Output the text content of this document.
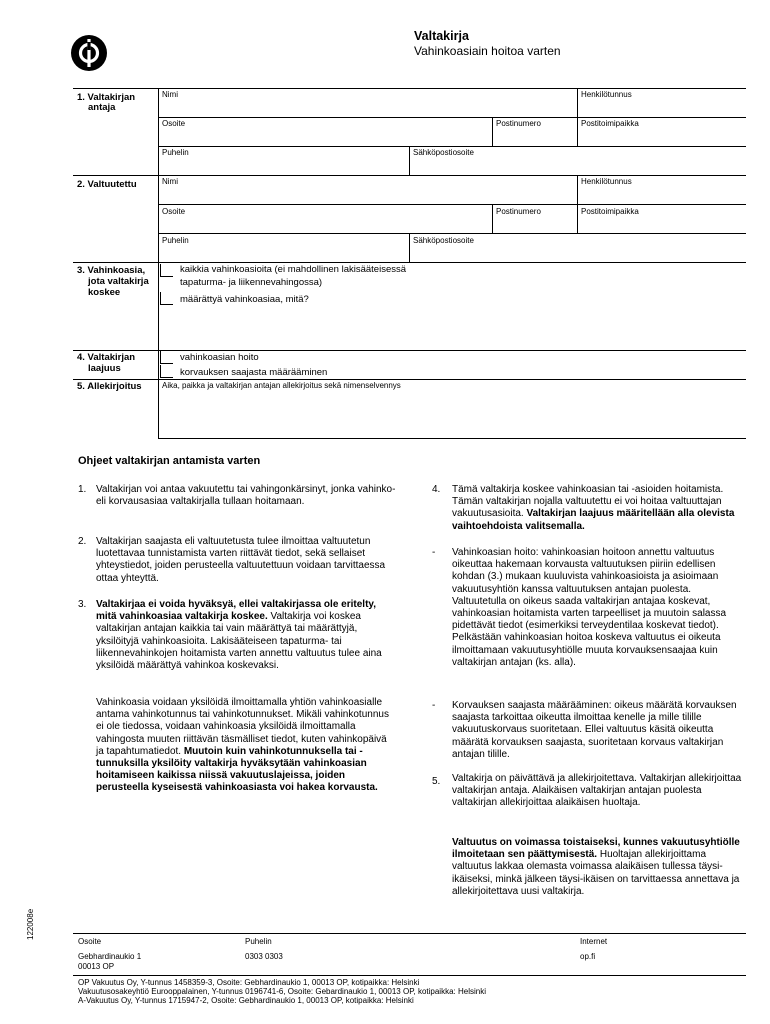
Valtakirja
Vahinkoasiain hoitoa varten
1. Valtakirjan
antaja
Nimi	Henkilötunnus
Osoite	Postinumero	Postitoimipaikka
Puhelin	Sähköpostiosoite
2. Valtuutettu	Nimi	Henkilötunnus
Osoite	Postinumero	Postitoimipaikka
Puhelin	Sähköpostiosoite
3. Vahinkoasia,
jota valtakirja
koskee
kaikkia vahinkoasioita (ei mahdollinen lakisääteisessä
tapaturma- ja liikennevahingossa)
määrättyä vahinkoasiaa, mitä?
4. Valtakirjan
laajuus
vahinkoasian hoito
korvauksen saajasta määrääminen
5. Allekirjoitus	Aika, paikka ja valtakirjan antajan allekirjoitus sekä nimenselvennys
Ohjeet valtakirjan antamista varten
1. Valtakirjan voi antaa vakuutettu tai vahingonkärsinyt, jonka vahinko- eli korvausasiaa valtakirjalla tullaan hoitamaan.
2. Valtakirjan saajasta eli valtuutetusta tulee ilmoittaa valtuutetun luotettavaa tunnistamista varten riittävät tiedot, sekä sellaiset yhteystiedot, joiden perusteella valtuutettuun voidaan tarvittaessa ottaa yhteyttä.
3. Valtakirjaa ei voida hyväksyä, ellei valtakirjassa ole eritelty, mitä vahinkoasiaa valtakirja koskee. Valtakirja voi koskea valtakirjan antajan kaikkia tai vain määrättyä tai määrättyjä, yksilöityjä vahinkoasioita. Lakisääteiseen tapaturma- tai liikennevahinkojen hoitamista varten annettu valtuutus tulee aina yksilöidä määrättyä vahinkoa koskevaksi.
Vahinkoasia voidaan yksilöidä ilmoittamalla yhtiön vahinkoasialle antama vahinkotunnus tai vahinkotunnukset. Mikäli vahinkotunnus ei ole tiedossa, voidaan vahinkoasia yksilöidä ilmoittamalla vahingosta muuten riittävän täsmälliset tiedot, kuten vahinkopäivä ja tapahtumatiedot. Muutoin kuin vahinkotunnuksella tai -tunnuksilla yksilöity valtakirja hyväksytään vahinkoasian hoitamiseen kaikissa niissä vakuutuslajeissa, joiden perusteella kyseisestä vahinkoasiasta voi hakea korvausta.
4. Tämä valtakirja koskee vahinkoasian tai -asioiden hoitamista. Tämän valtakirjan nojalla valtuutettu ei voi hoitaa valtuuttajan vakuutusasioita. Valtakirjan laajuus määritellään alla olevista vaihtoehdoista valitsemalla.
- Vahinkoasian hoito: vahinkoasian hoitoon annettu valtuutus oikeuttaa hakemaan korvausta valtuutuksen piiriin edellisen kohdan (3.) mukaan kuuluvista vahinkoasioista ja asioimaan vakuutusyhtiön kanssa valtuutuksen antajan puolesta. Valtuutetulla on oikeus saada valtakirjan antajaa koskevat, vahinkoasian hoitamista varten tarpeelliset ja muutoin salassa pidettävät tiedot (esimerkiksi terveydentilaa koskevat tiedot). Pelkästään vahinkoasian hoitoa koskeva valtuutus ei oikeuta ilmoittamaan vakuutusyhtiölle muuta korvauksensaajaa kuin valtakirjan antajan (ks. alla).
- Korvauksen saajasta määrääminen: oikeus määrätä korvauksen saajasta tarkoittaa oikeutta ilmoittaa kenelle ja mille tilille vakuutuskorvaus suoritetaan. Ellei valtuutus käsitä oikeutta määrätä korvauksen saajasta, suoritetaan korvaus valtakirjan antajan tilille.
5. Valtakirja on päivättävä ja allekirjoitettava. Valtakirjan allekirjoittaa valtakirjan antaja. Alaikäisen valtakirjan antajan puolesta valtakirjan allekirjoittaa alaikäisen huoltaja.
Valtuutus on voimassa toistaiseksi, kunnes vakuutusyhtiölle ilmoitetaan sen päättymisestä. Huoltajan allekirjoittama valtuutus lakkaa olemasta voimassa alaikäisen tullessa täysi-ikäiseksi, minkä jälkeen täysi-ikäisen on tarvittaessa annettava ja allekirjoitettava uusi valtakirja.
122008e
Osoite
Gebhardinaukio 1
00013 OP
Puhelin
0303 0303
Internet
op.fi
OP Vakuutus Oy, Y-tunnus 1458359-3, Osoite: Gebhardinaukio 1, 00013 OP, kotipaikka: Helsinki
Vakuutusosakeyhtiö Eurooppalainen, Y-tunnus 0196741-6, Osoite: Gebardinaukio 1, 00013 OP, kotipaikka: Helsinki
A-Vakuutus Oy, Y-tunnus 1715947-2, Osoite: Gebhardinaukio 1, 00013 OP, kotipaikka: Helsinki
